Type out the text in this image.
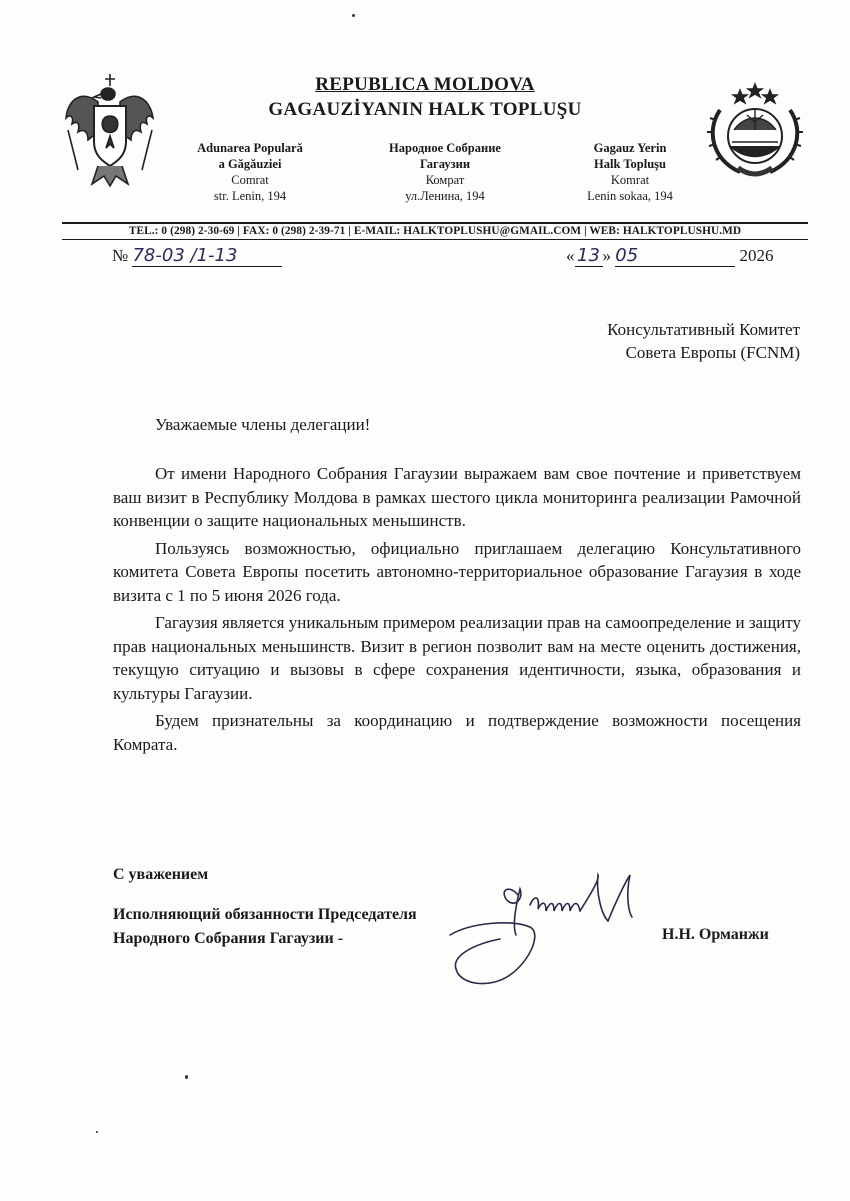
REPUBLICA MOLDOVA
GAGAUZİYANIN HALK TOPLUŞU
Adunarea Populară
a Găgăuziei
Comrat
str. Lenin, 194
Народное Собрание
Гагаузии
Комрат
ул.Ленина, 194
Gagauz Yerin
Halk Topluşu
Komrat
Lenin sokaa, 194
TEL.: 0 (298) 2-30-69 | FAX: 0 (298) 2-39-71 | E-MAIL: HALKTOPLUSHU@GMAIL.COM | WEB: HALKTOPLUSHU.MD
№ 78-03 /1-13	« 13 » 05	2026
Консультативный Комитет
Совета Европы (FCNM)
Уважаемые члены делегации!

От имени Народного Собрания Гагаузии выражаем вам свое почтение и приветствуем ваш визит в Республику Молдова в рамках шестого цикла мониторинга реализации Рамочной конвенции о защите национальных меньшинств.

Пользуясь возможностью, официально приглашаем делегацию Консультативного комитета Совета Европы посетить автономно-территориальное образование Гагаузия в ходе визита с 1 по 5 июня 2026 года.

Гагаузия является уникальным примером реализации прав на самоопределение и защиту прав национальных меньшинств. Визит в регион позволит вам на месте оценить достижения, текущую ситуацию и вызовы в сфере сохранения идентичности, языка, образования и культуры Гагаузии.

Будем признательны за координацию и подтверждение возможности посещения Комрата.

С уважением
Исполняющий обязанности Председателя
Народного Собрания Гагаузии -	Н.Н. Орманжи
